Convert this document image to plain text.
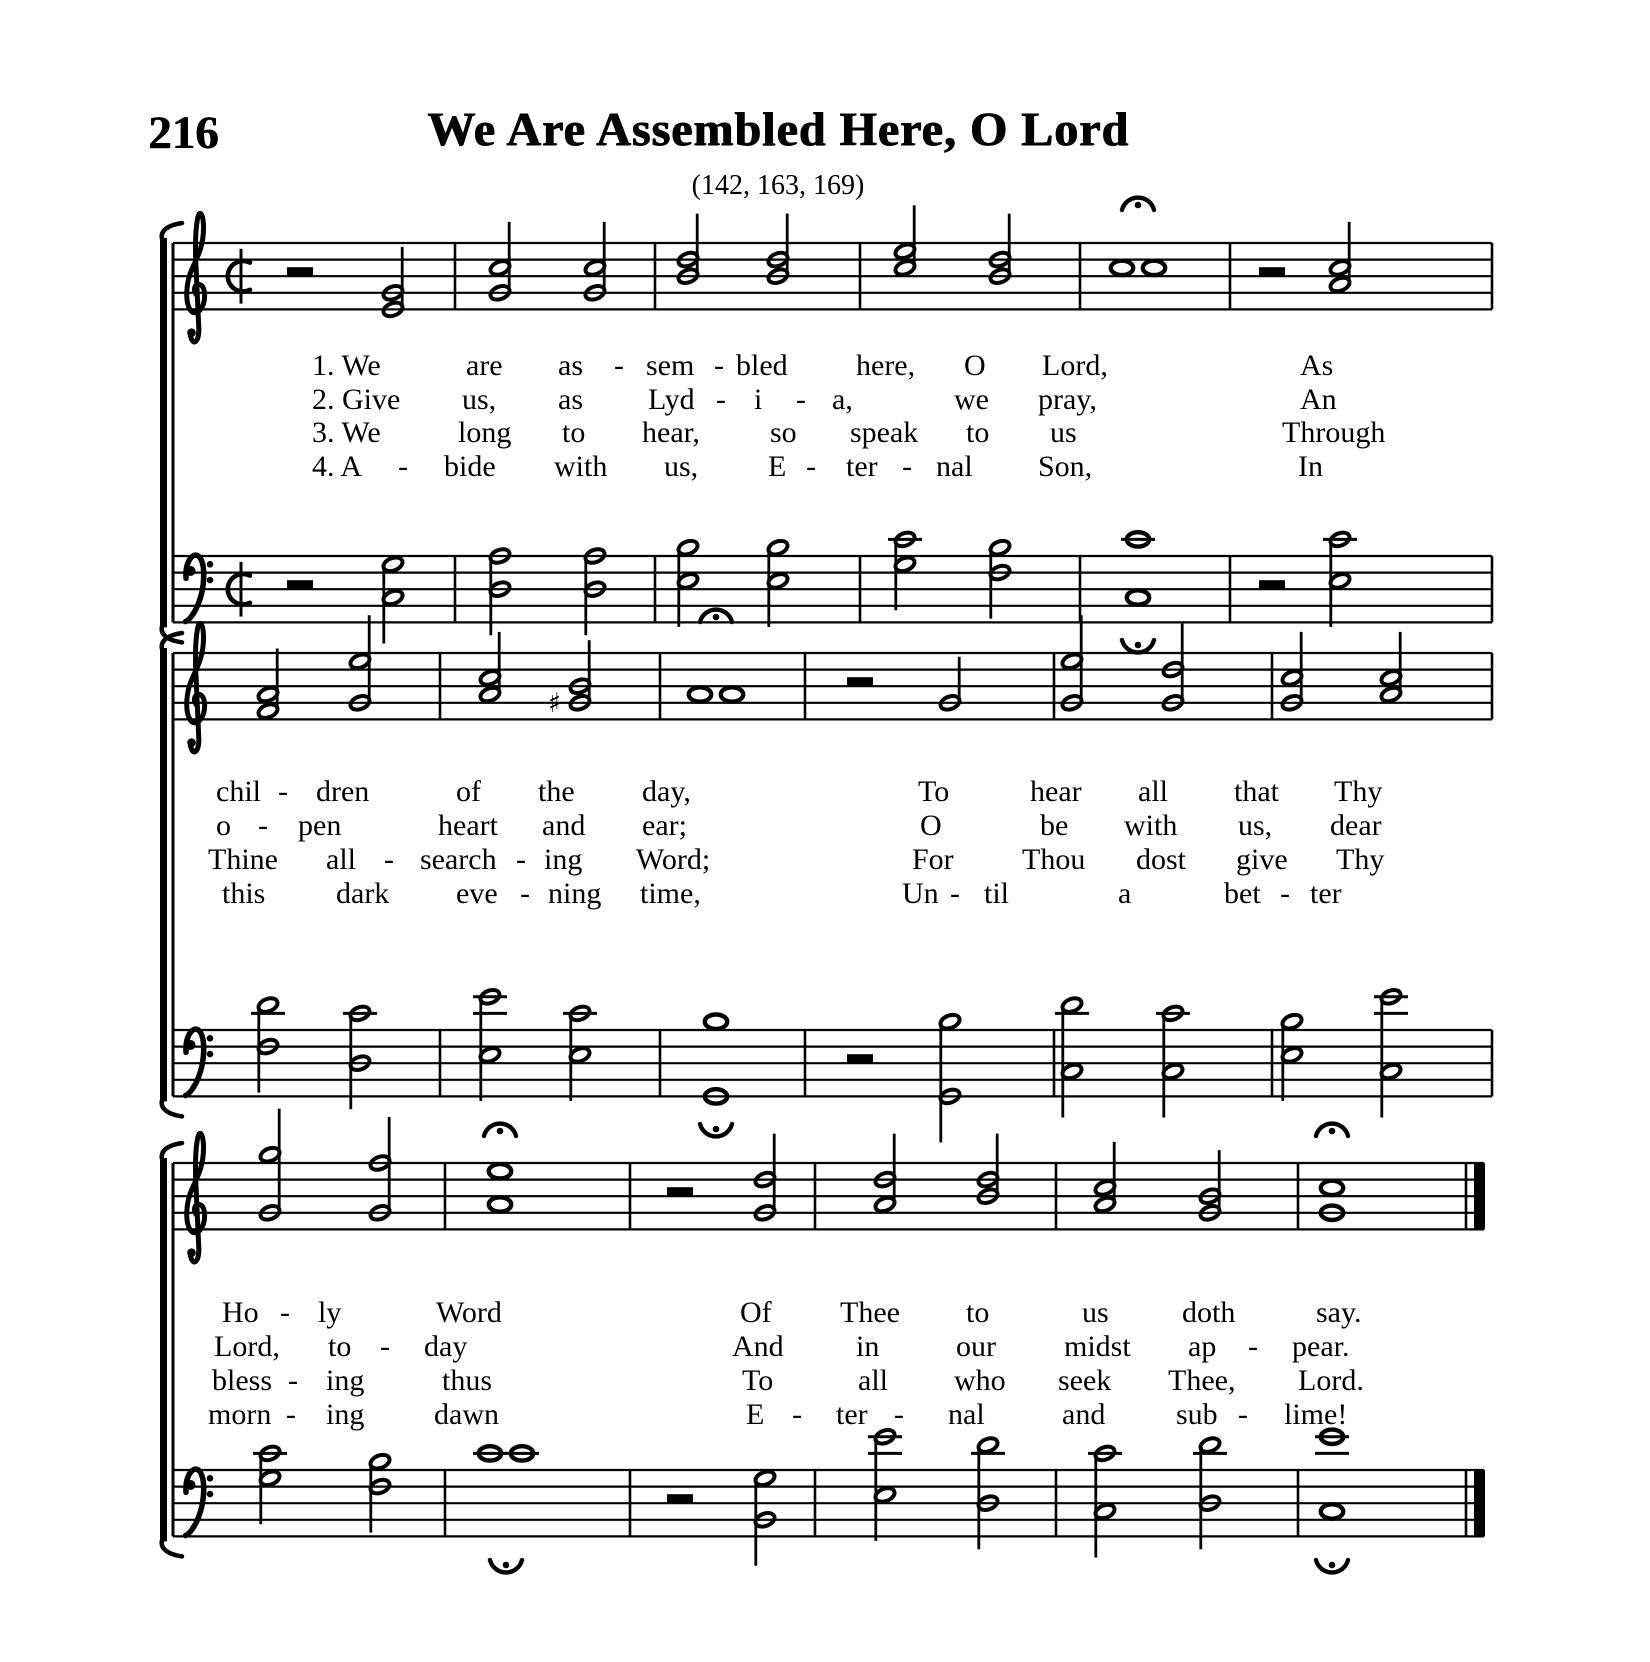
216	We Are Assembled Here, O Lord
(142, 163, 169)
1. We	are as - sem - bled here, O Lord,	As
2. Give us, as Lyd - i - a,	we pray,	An
3. We	long to hear, so speak to us	Through
4. A - bide with us, E - ter - nal Son,	In
♯
chil - dren	of the day,	To	hear all that Thy
o - pen	heart and ear;	O	be with us, dear
Thine all - search - ing Word;	For Thou dost give Thy
this dark eve - ning time,	Un - til	a	bet - ter
Ho - ly	Word	Of Thee to	us doth	say.
Lord, to - day	And in	our midst ap - pear.
bless - ing	thus	To	all who seek Thee, Lord.
morn - ing dawn	E - ter - nal	and sub - lime!
